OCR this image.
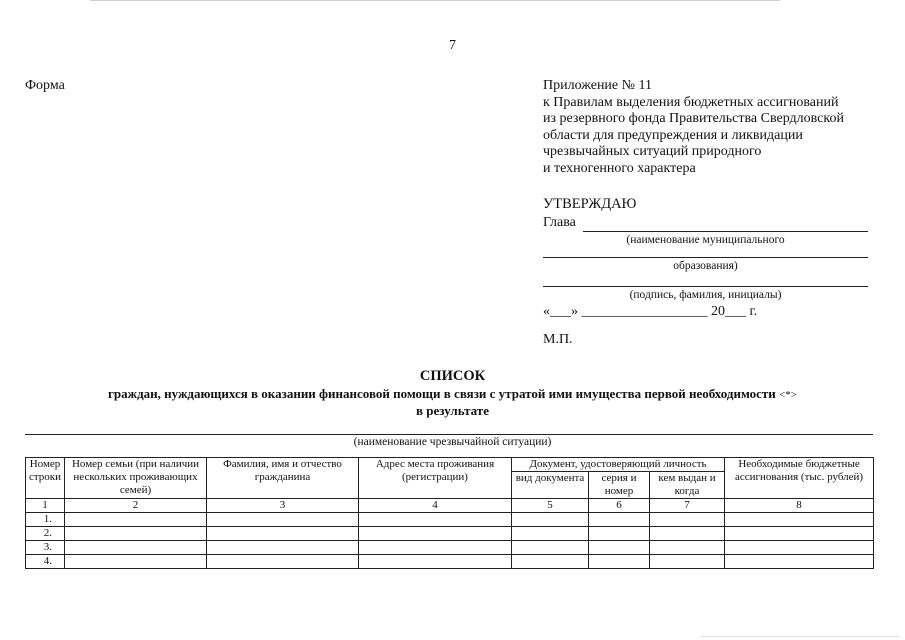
7
Форма	Приложение № 11
к Правилам выделения бюджетных ассигнований
из резервного фонда Правительства Свердловской
области для предупреждения и ликвидации
чрезвычайных ситуаций природного
и техногенного характера
УТВЕРЖДАЮ
Глава
(наименование муниципального
образования)
(подпись, фамилия, инициалы)
«___» __________________ 20___ г.
М.П.
СПИСОК
граждан, нуждающихся в оказании финансовой помощи в связи с утратой ими имущества первой необходимости <*>
в результате
(наименование чрезвычайной ситуации)
Номер строки	Номер семьи (при наличии нескольких проживающих семей)	Фамилия, имя и отчество гражданина	Адрес места проживания (регистрации)	Документ, удостоверяющий личность			Необходимые бюджетные ассигнования (тыс. рублей)
				вид документа	серия и номер	кем выдан и когда	
1	2	3	4	5	6	7	8
1.							
2.							
3.							
4.							
